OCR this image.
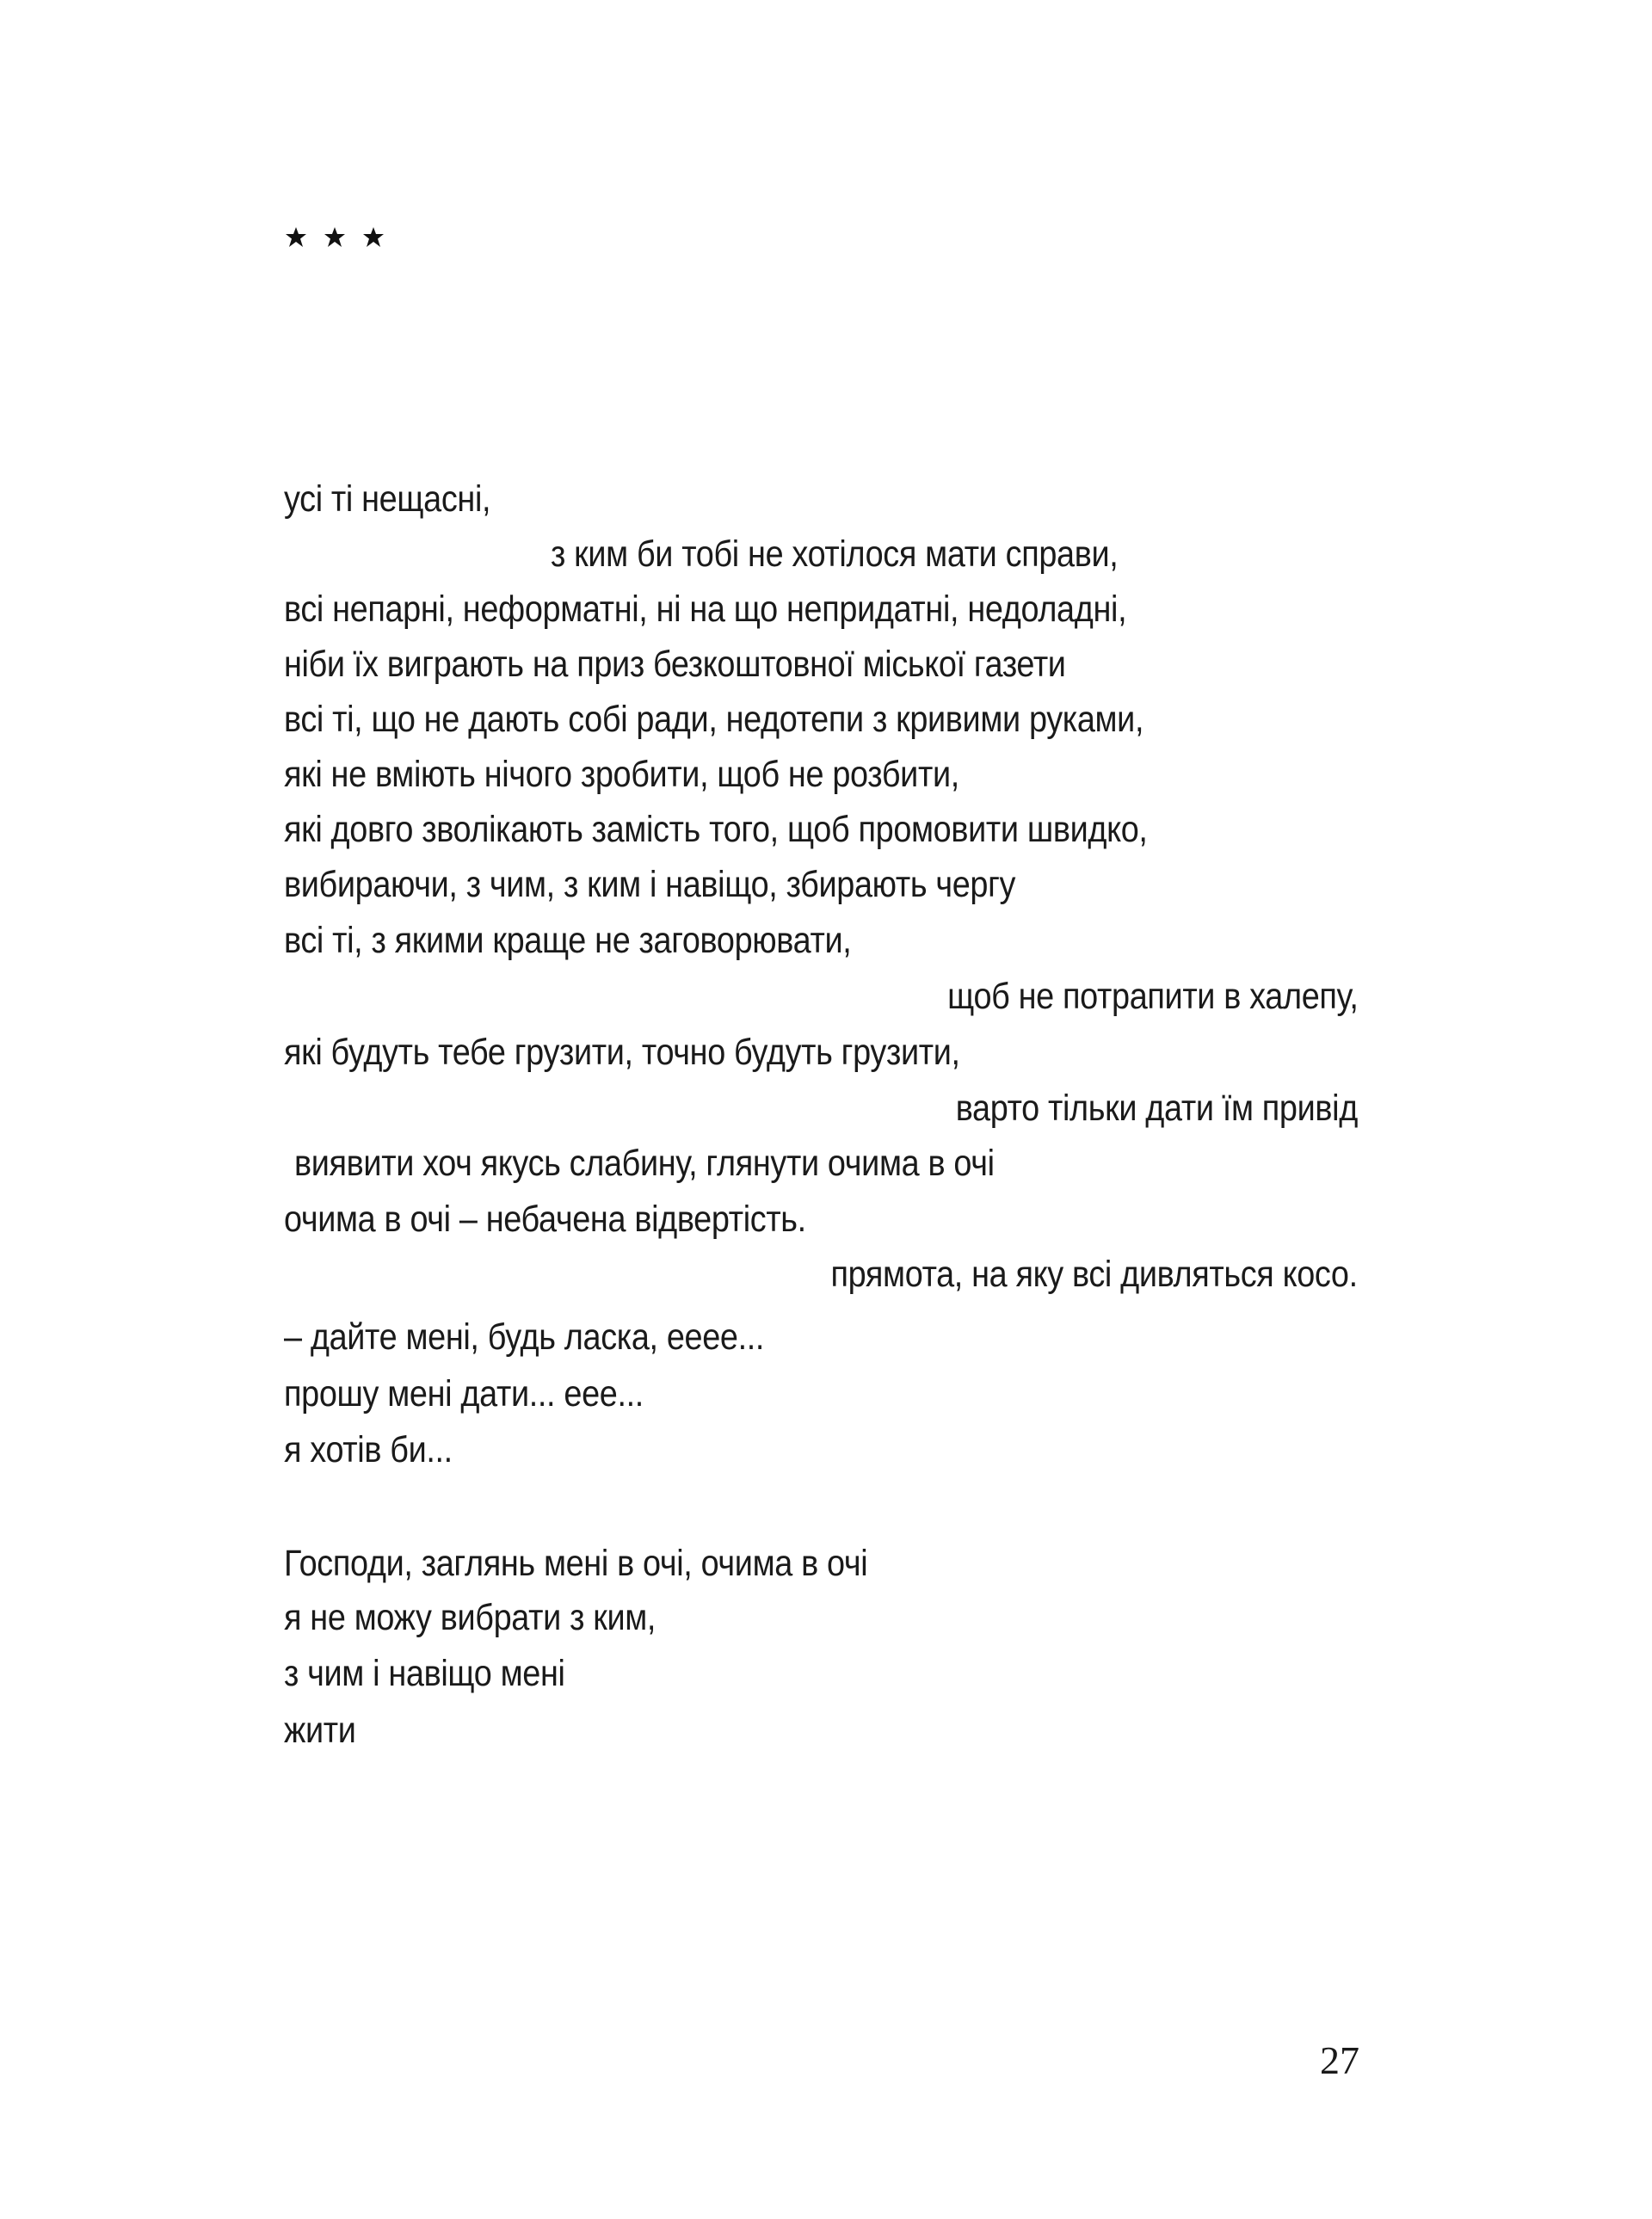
усі ті нещасні,
з ким би тобі не хотілося мати справи,
всі непарні, неформатні, ні на що непридатні, недоладні,
ніби їх виграють на приз безкоштовної міської газети
всі ті, що не дають собі ради, недотепи з кривими руками,
які не вміють нічого зробити, щоб не розбити,
які довго зволікають замість того, щоб промовити швидко,
вибираючи, з чим, з ким і навіщо, збирають чергу
всі ті, з якими краще не заговорювати,
щоб не потрапити в халепу,
які будуть тебе грузити, точно будуть грузити,
варто тільки дати їм привід
виявити хоч якусь слабину, глянути очима в очі
очима в очі – небачена відвертість.
прямота, на яку всі дивляться косо.
– дайте мені, будь ласка, ееее...
прошу мені дати... еее...
я хотів би...
Господи, заглянь мені в очі, очима в очі
я не можу вибрати з ким,
з чим і навіщо мені
жити
27
